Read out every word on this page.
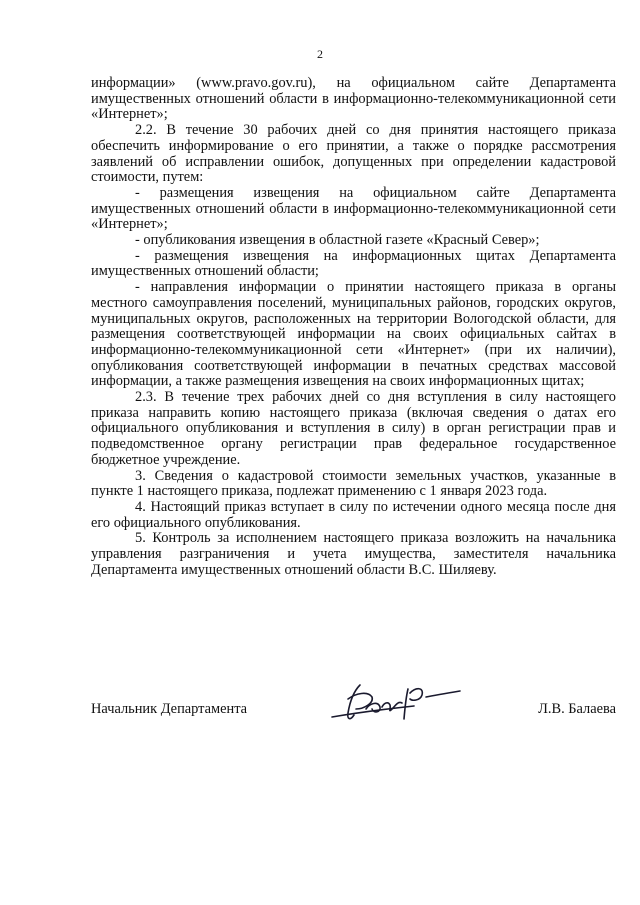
2

информации» (www.pravo.gov.ru), на официальном сайте Департамента имущественных отношений области в информационно-телекоммуникационной сети «Интернет»;

2.2. В течение 30 рабочих дней со дня принятия настоящего приказа обеспечить информирование о его принятии, а также о порядке рассмотрения заявлений об исправлении ошибок, допущенных при определении кадастровой стоимости, путем:

- размещения извещения на официальном сайте Департамента имущественных отношений области в информационно-телекоммуникационной сети «Интернет»;

- опубликования извещения в областной газете «Красный Север»;

- размещения извещения на информационных щитах Департамента имущественных отношений области;

- направления информации о принятии настоящего приказа в органы местного самоуправления поселений, муниципальных районов, городских округов, муниципальных округов, расположенных на территории Вологодской области, для размещения соответствующей информации на своих официальных сайтах в информационно-телекоммуникационной сети «Интернет» (при их наличии), опубликования соответствующей информации в печатных средствах массовой информации, а также размещения извещения на своих информационных щитах;

2.3. В течение трех рабочих дней со дня вступления в силу настоящего приказа направить копию настоящего приказа (включая сведения о датах его официального опубликования и вступления в силу) в орган регистрации прав и подведомственное органу регистрации прав федеральное государственное бюджетное учреждение.

3. Сведения о кадастровой стоимости земельных участков, указанные в пункте 1 настоящего приказа, подлежат применению с 1 января 2023 года.

4. Настоящий приказ вступает в силу по истечении одного месяца после дня его официального опубликования.

5. Контроль за исполнением настоящего приказа возложить на начальника управления разграничения и учета имущества, заместителя начальника Департамента имущественных отношений области В.С. Шиляеву.

Начальник Департамента	Л.В. Балаева
